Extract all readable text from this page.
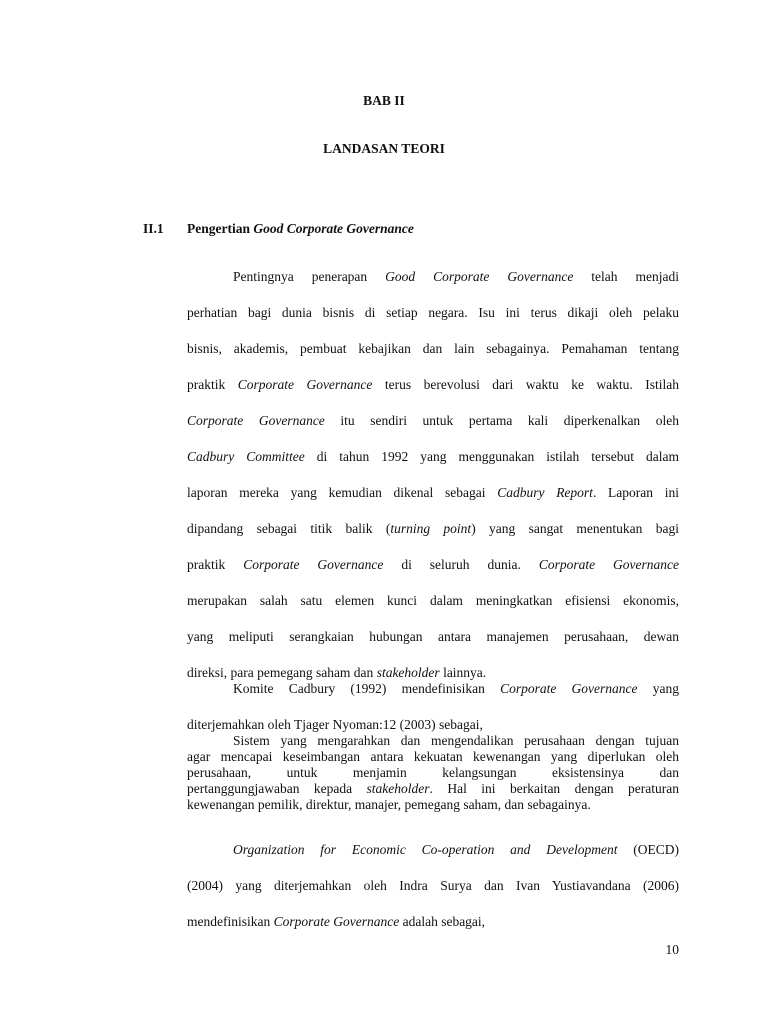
BAB II
LANDASAN TEORI
II.1 Pengertian Good Corporate Governance
Pentingnya penerapan Good Corporate Governance telah menjadi
perhatian bagi dunia bisnis di setiap negara. Isu ini terus dikaji oleh pelaku
bisnis, akademis, pembuat kebajikan dan lain sebagainya. Pemahaman tentang
praktik Corporate Governance terus berevolusi dari waktu ke waktu. Istilah
Corporate Governance itu sendiri untuk pertama kali diperkenalkan oleh
Cadbury Committee di tahun 1992 yang menggunakan istilah tersebut dalam
laporan mereka yang kemudian dikenal sebagai Cadbury Report. Laporan ini
dipandang sebagai titik balik (turning point) yang sangat menentukan bagi
praktik Corporate Governance di seluruh dunia. Corporate Governance
merupakan salah satu elemen kunci dalam meningkatkan efisiensi ekonomis,
yang meliputi serangkaian hubungan antara manajemen perusahaan, dewan
direksi, para pemegang saham dan stakeholder lainnya.
Komite Cadbury (1992) mendefinisikan Corporate Governance yang
diterjemahkan oleh Tjager Nyoman:12 (2003) sebagai,
Sistem yang mengarahkan dan mengendalikan perusahaan dengan tujuan
agar mencapai keseimbangan antara kekuatan kewenangan yang diperlukan oleh
perusahaan, untuk menjamin kelangsungan eksistensinya dan
pertanggungjawaban kepada stakeholder. Hal ini berkaitan dengan peraturan
kewenangan pemilik, direktur, manajer, pemegang saham, dan sebagainya.
Organization for Economic Co-operation and Development (OECD)
(2004) yang diterjemahkan oleh Indra Surya dan Ivan Yustiavandana (2006)
mendefinisikan Corporate Governance adalah sebagai,
10
